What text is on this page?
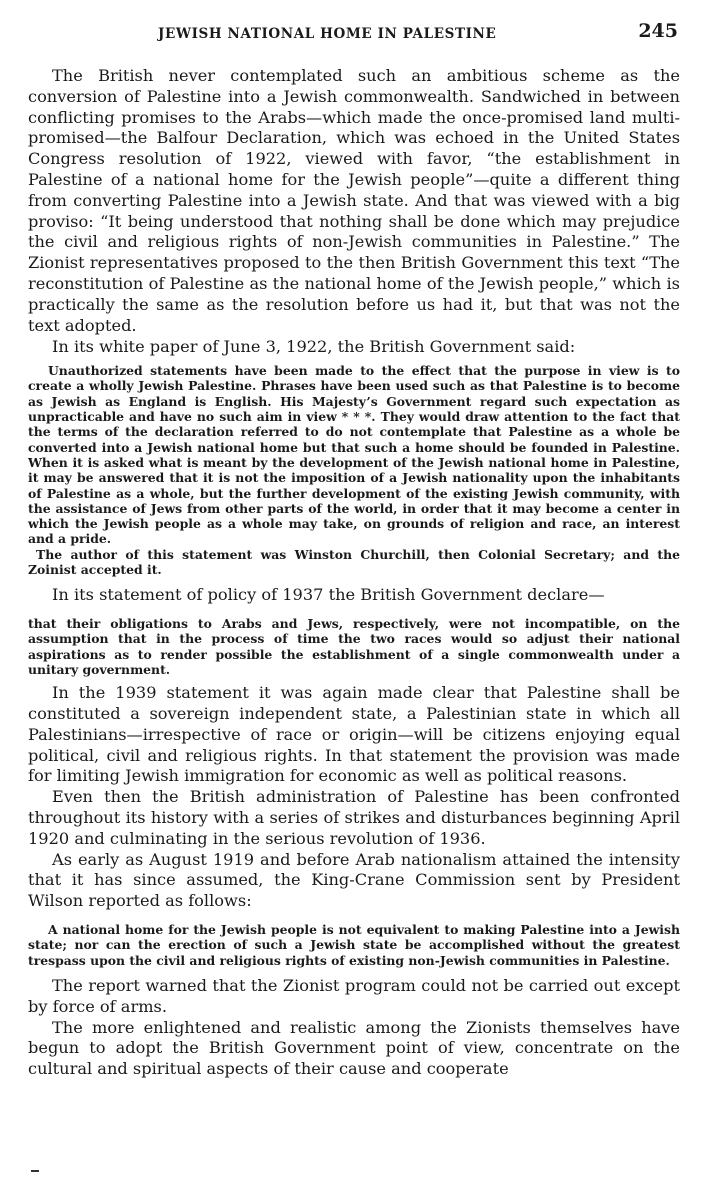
JEWISH NATIONAL HOME IN PALESTINE	245

The British never contemplated such an ambitious scheme as the conversion of Palestine into a Jewish commonwealth. Sandwiched in between conflicting promises to the Arabs—which made the once-promised land multi-promised—the Balfour Declaration, which was echoed in the United States Congress resolution of 1922, viewed with favor, “the establishment in Palestine of a national home for the Jewish people”—quite a different thing from converting Palestine into a Jewish state. And that was viewed with a big proviso: “It being understood that nothing shall be done which may prejudice the civil and religious rights of non-Jewish communities in Palestine.” The Zionist representatives proposed to the then British Government this text “The reconstitution of Palestine as the national home of the Jewish people,” which is practically the same as the resolution before us had it, but that was not the text adopted.

In its white paper of June 3, 1922, the British Government said:

Unauthorized statements have been made to the effect that the purpose in view is to create a wholly Jewish Palestine. Phrases have been used such as that Palestine is to become as Jewish as England is English. His Majesty’s Government regard such expectation as unpracticable and have no such aim in view * * *. They would draw attention to the fact that the terms of the declaration referred to do not contemplate that Palestine as a whole be converted into a Jewish national home but that such a home should be founded in Palestine. When it is asked what is meant by the development of the Jewish national home in Palestine, it may be answered that it is not the imposition of a Jewish nationality upon the inhabitants of Palestine as a whole, but the further development of the existing Jewish community, with the assistance of Jews from other parts of the world, in order that it may become a center in which the Jewish people as a whole may take, on grounds of religion and race, an interest and a pride.

The author of this statement was Winston Churchill, then Colonial Secretary; and the Zoinist accepted it.

In its statement of policy of 1937 the British Government declare—

that their obligations to Arabs and Jews, respectively, were not incompatible, on the assumption that in the process of time the two races would so adjust their national aspirations as to render possible the establishment of a single commonwealth under a unitary government.

In the 1939 statement it was again made clear that Palestine shall be constituted a sovereign independent state, a Palestinian state in which all Palestinians—irrespective of race or origin—will be citizens enjoying equal political, civil and religious rights. In that statement the provision was made for limiting Jewish immigration for economic as well as political reasons.

Even then the British administration of Palestine has been confronted throughout its history with a series of strikes and disturbances beginning April 1920 and culminating in the serious revolution of 1936.

As early as August 1919 and before Arab nationalism attained the intensity that it has since assumed, the King-Crane Commission sent by President Wilson reported as follows:

A national home for the Jewish people is not equivalent to making Palestine into a Jewish state; nor can the erection of such a Jewish state be accomplished without the greatest trespass upon the civil and religious rights of existing non-Jewish communities in Palestine.

The report warned that the Zionist program could not be carried out except by force of arms.

The more enlightened and realistic among the Zionists themselves have begun to adopt the British Government point of view, concentrate on the cultural and spiritual aspects of their cause and cooperate
